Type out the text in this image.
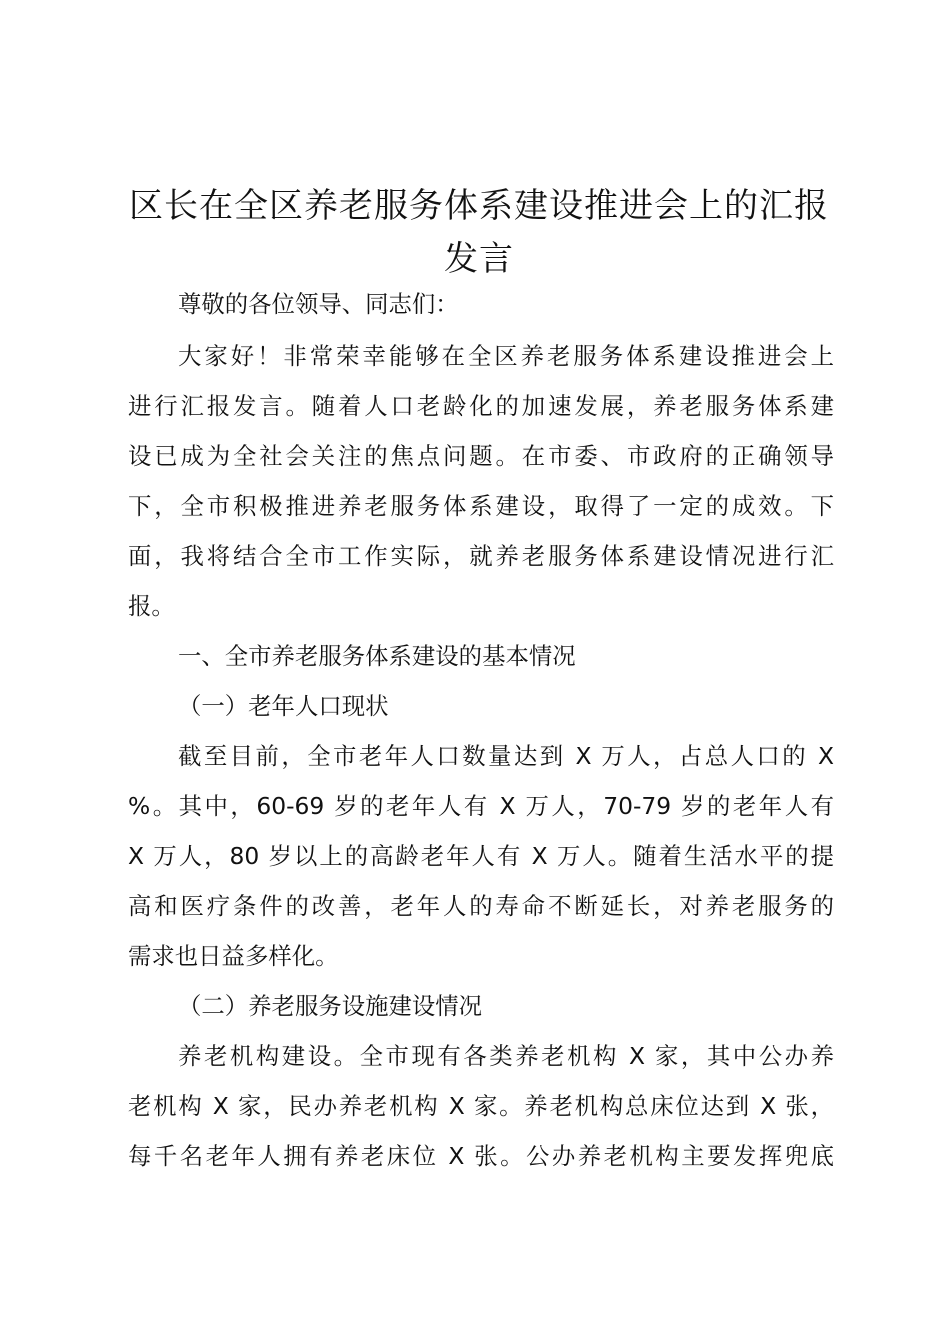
区长在全区养老服务体系建设推进会上的汇报发言
尊敬的各位领导、同志们：
大家好！非常荣幸能够在全区养老服务体系建设推进会上
进行汇报发言。随着人口老龄化的加速发展，养老服务体系建
设已成为全社会关注的焦点问题。在市委、市政府的正确领导
下，全市积极推进养老服务体系建设，取得了一定的成效。下
面，我将结合全市工作实际，就养老服务体系建设情况进行汇
报。
一、全市养老服务体系建设的基本情况
（一）老年人口现状
截至目前，全市老年人口数量达到 X 万人，占总人口的 X
%。其中，60-69 岁的老年人有 X 万人，70-79 岁的老年人有
X 万人，80 岁以上的高龄老年人有 X 万人。随着生活水平的提
高和医疗条件的改善，老年人的寿命不断延长，对养老服务的
需求也日益多样化。
（二）养老服务设施建设情况
养老机构建设。全市现有各类养老机构 X 家，其中公办养
老机构 X 家，民办养老机构 X 家。养老机构总床位达到 X 张，
每千名老年人拥有养老床位 X 张。公办养老机构主要发挥兜底
